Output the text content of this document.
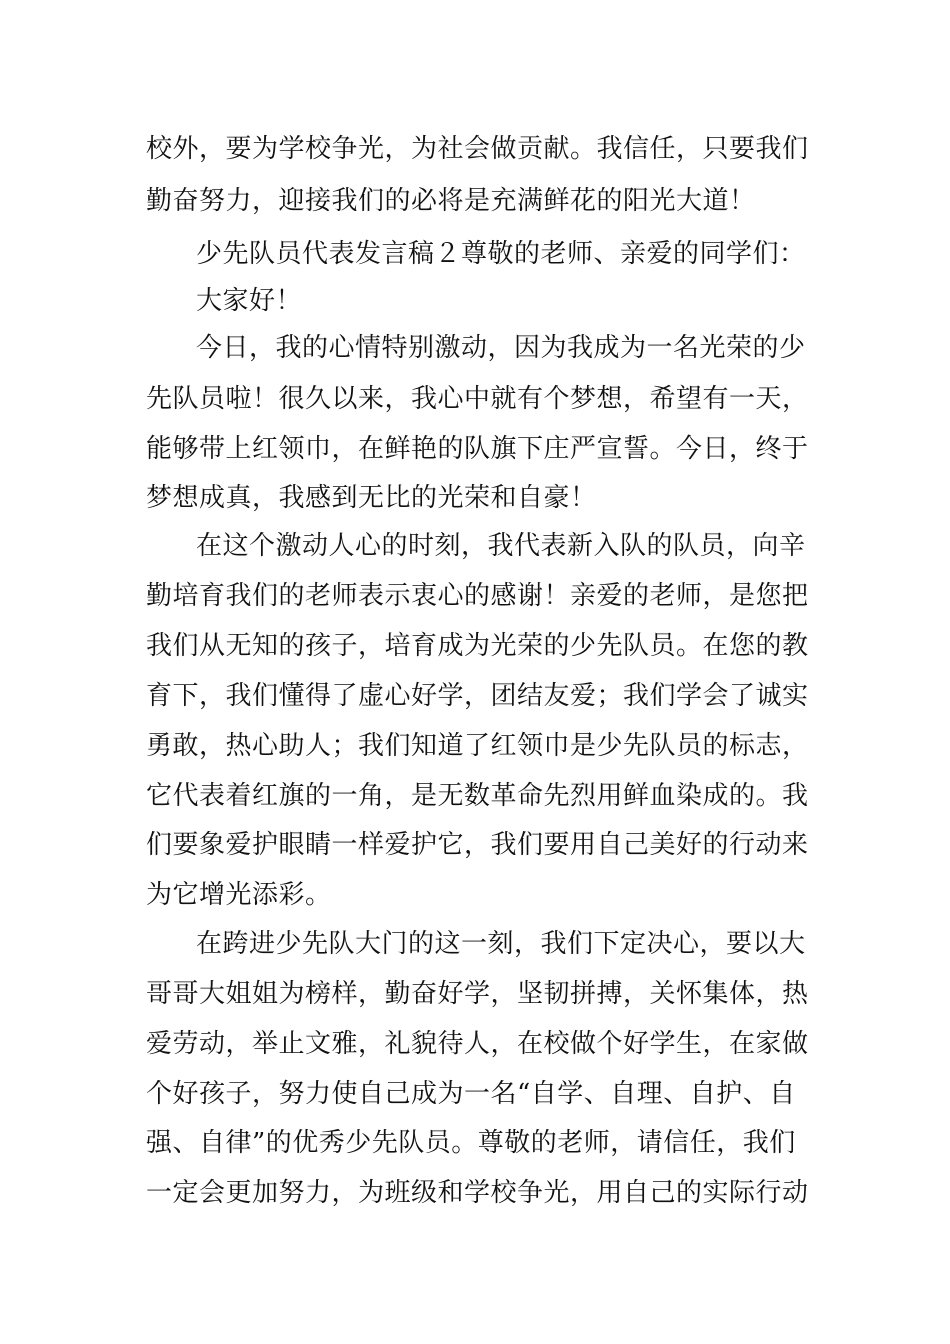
校外，要为学校争光，为社会做贡献。我信任，只要我们
勤奋努力，迎接我们的必将是充满鲜花的阳光大道！
少先队员代表发言稿２尊敬的老师、亲爱的同学们：
大家好！
今日，我的心情特别激动，因为我成为一名光荣的少
先队员啦！很久以来，我心中就有个梦想，希望有一天，
能够带上红领巾，在鲜艳的队旗下庄严宣誓。今日，终于
梦想成真，我感到无比的光荣和自豪！
在这个激动人心的时刻，我代表新入队的队员，向辛
勤培育我们的老师表示衷心的感谢！亲爱的老师，是您把
我们从无知的孩子，培育成为光荣的少先队员。在您的教
育下，我们懂得了虚心好学，团结友爱；我们学会了诚实
勇敢，热心助人；我们知道了红领巾是少先队员的标志，
它代表着红旗的一角，是无数革命先烈用鲜血染成的。我
们要象爱护眼睛一样爱护它，我们要用自己美好的行动来
为它增光添彩。
在跨进少先队大门的这一刻，我们下定决心，要以大
哥哥大姐姐为榜样，勤奋好学，坚韧拼搏，关怀集体，热
爱劳动，举止文雅，礼貌待人，在校做个好学生，在家做
个好孩子，努力使自己成为一名“自学、自理、自护、自
强、自律”的优秀少先队员。尊敬的老师，请信任，我们
一定会更加努力，为班级和学校争光，用自己的实际行动
